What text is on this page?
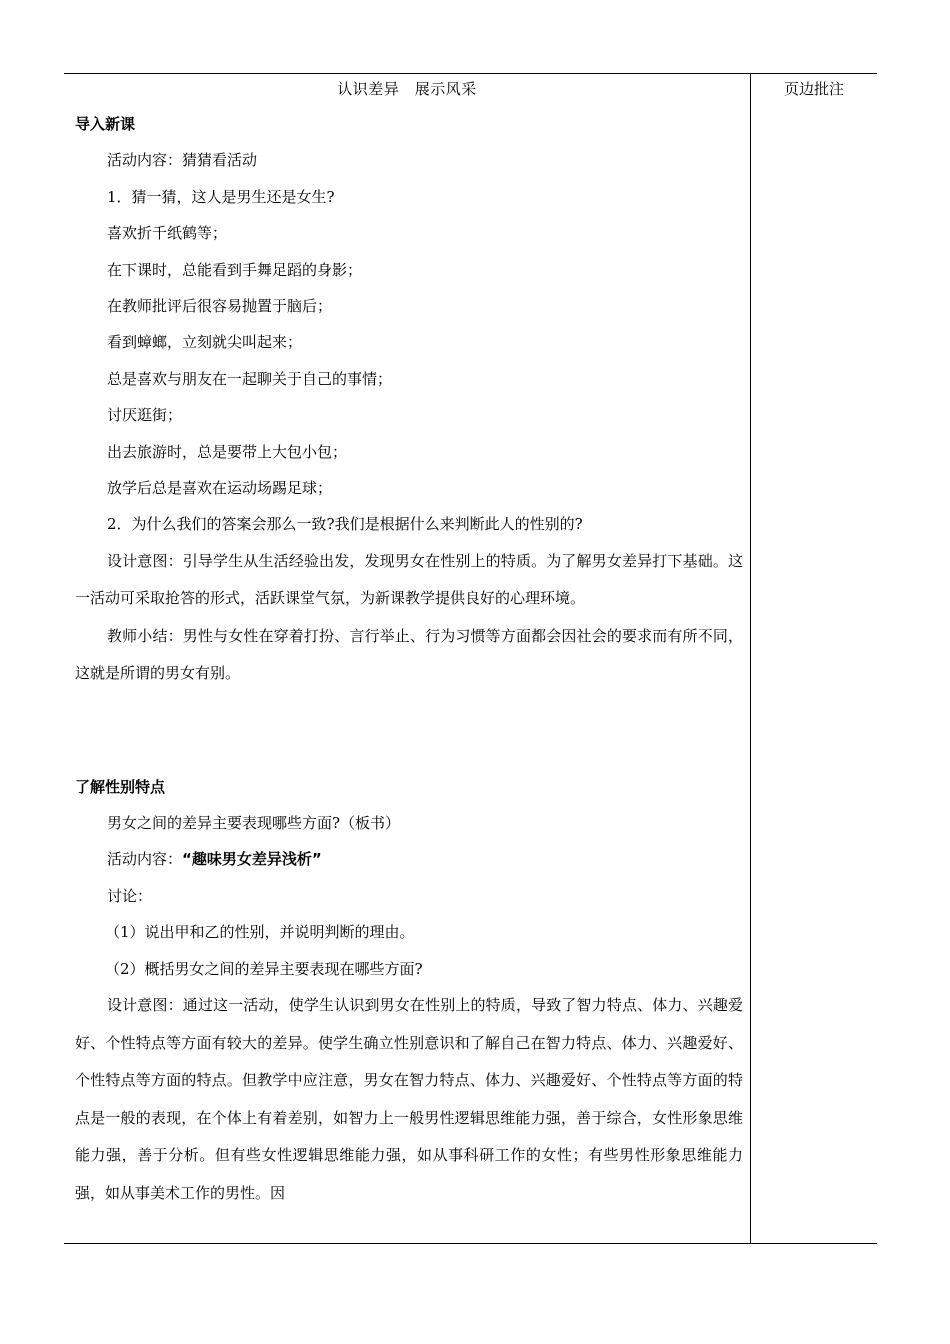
认识差异　展示风采	页边批注
导入新课
活动内容：猜猜看活动
1．猜一猜，这人是男生还是女生?
喜欢折千纸鹤等；
在下课时，总能看到手舞足蹈的身影；
在教师批评后很容易抛置于脑后；
看到蟑螂，立刻就尖叫起来；
总是喜欢与朋友在一起聊关于自己的事情；
讨厌逛街；
出去旅游时，总是要带上大包小包；
放学后总是喜欢在运动场踢足球；
2．为什么我们的答案会那么一致?我们是根据什么来判断此人的性别的?
设计意图：引导学生从生活经验出发，发现男女在性别上的特质。为了解男女差异打下基础。这一活动可采取抢答的形式，活跃课堂气氛，为新课教学提供良好的心理环境。
教师小结：男性与女性在穿着打扮、言行举止、行为习惯等方面都会因社会的要求而有所不同，这就是所谓的男女有别。
了解性别特点
男女之间的差异主要表现哪些方面?（板书）
活动内容：“趣味男女差异浅析”
讨论：
（1）说出甲和乙的性别，并说明判断的理由。
（2）概括男女之间的差异主要表现在哪些方面?
设计意图：通过这一活动，使学生认识到男女在性别上的特质，导致了智力特点、体力、兴趣爱好、个性特点等方面有较大的差异。使学生确立性别意识和了解自己在智力特点、体力、兴趣爱好、个性特点等方面的特点。但教学中应注意，男女在智力特点、体力、兴趣爱好、个性特点等方面的特点是一般的表现，在个体上有着差别，如智力上一般男性逻辑思维能力强，善于综合，女性形象思维能力强，善于分析。但有些女性逻辑思维能力强，如从事科研工作的女性；有些男性形象思维能力强，如从事美术工作的男性。因
